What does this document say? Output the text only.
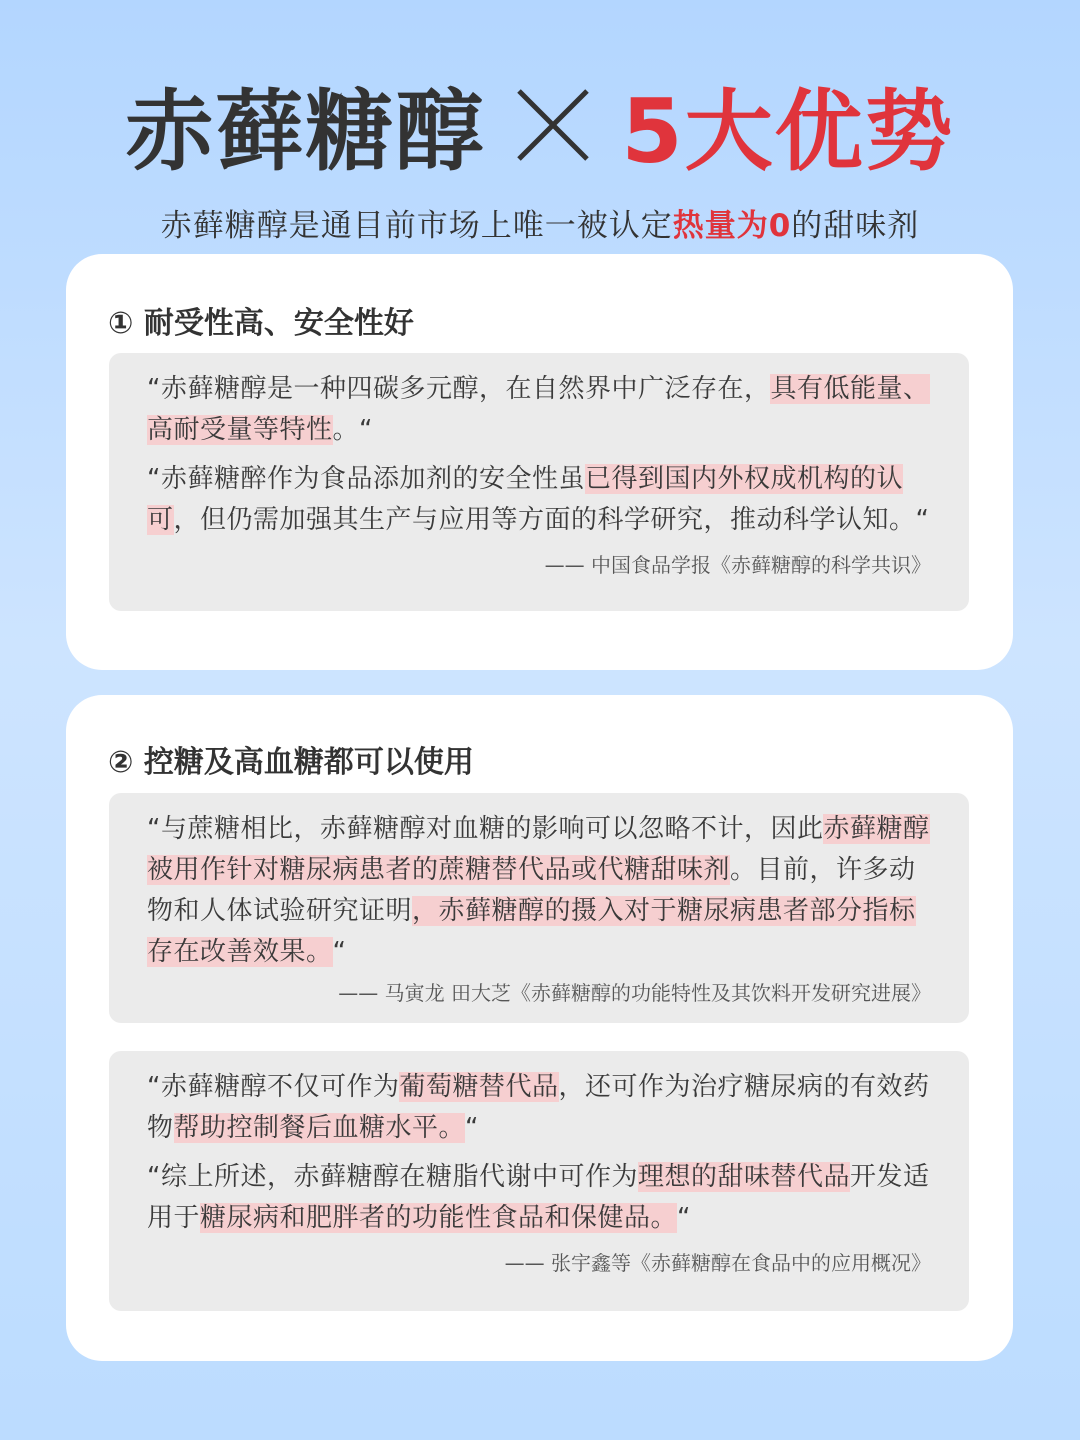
赤藓糖醇 5大优势
赤藓糖醇是通目前市场上唯一被认定热量为0的甜味剂
① 耐受性高、安全性好

“赤藓糖醇是一种四碳多元醇，在自然界中广泛存在，具有低能量、高耐受量等特性。“

“赤藓糖醉作为食品添加剂的安全性虽已得到国内外权成机构的认可，但仍需加强其生产与应用等方面的科学研究，推动科学认知。“

—— 中国食品学报《赤藓糖醇的科学共识》
② 控糖及高血糖都可以使用

“与蔗糖相比，赤藓糖醇对血糖的影响可以忽略不计，因此赤藓糖醇被用作针对糖尿病患者的蔗糖替代品或代糖甜味剂。目前，许多动物和人体试验研究证明，赤藓糖醇的摄入对于糖尿病患者部分指标存在改善效果。“

—— 马寅龙 田大芝《赤藓糖醇的功能特性及其饮料开发研究进展》

“赤藓糖醇不仅可作为葡萄糖替代品，还可作为治疗糖尿病的有效药物帮助控制餐后血糖水平。“

“综上所述，赤藓糖醇在糖脂代谢中可作为理想的甜味替代品开发适用于糖尿病和肥胖者的功能性食品和保健品。“

—— 张宇鑫等《赤藓糖醇在食品中的应用概况》
